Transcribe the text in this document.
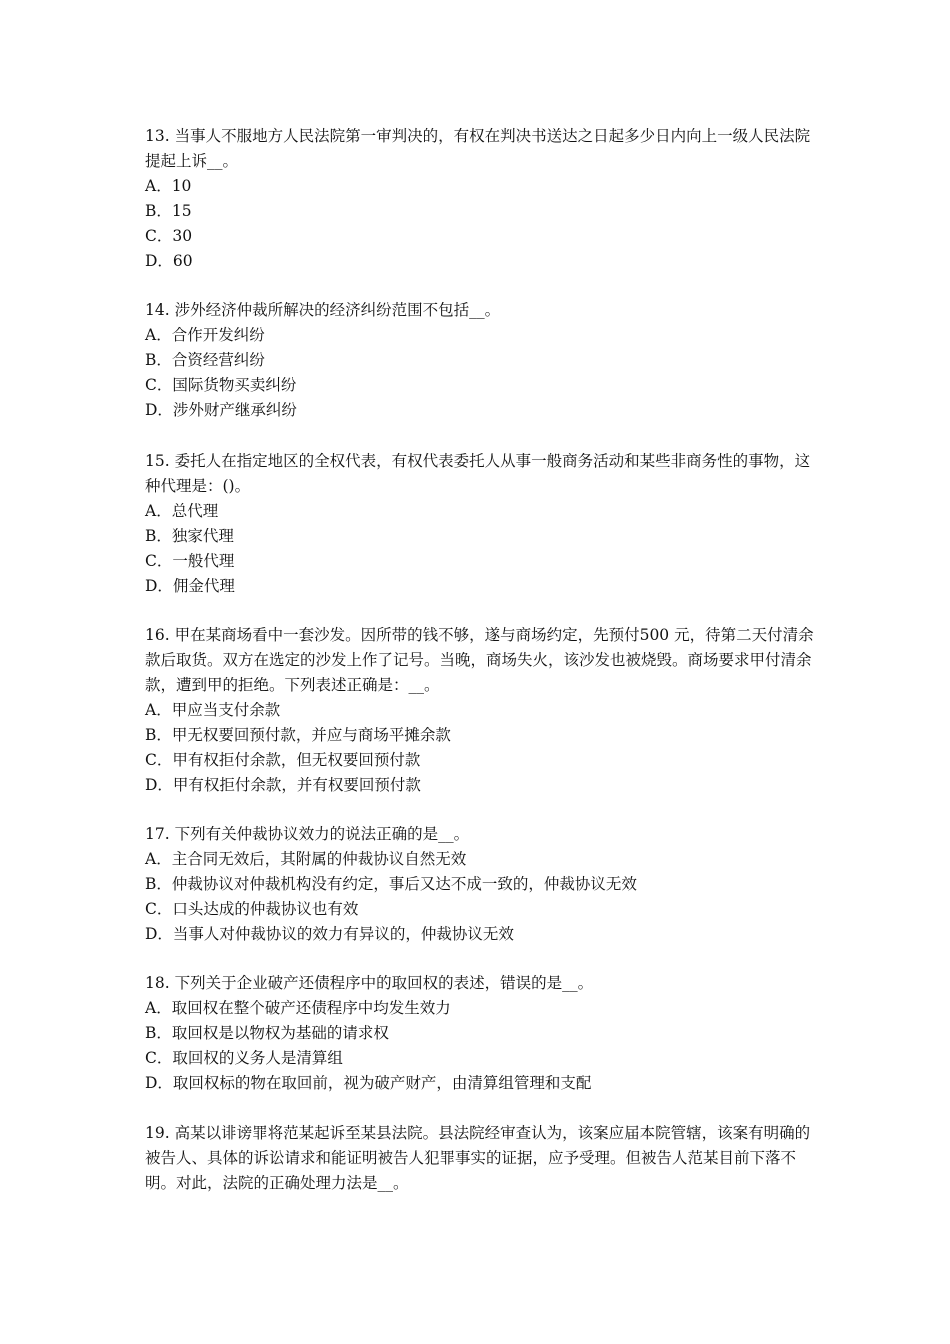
13. 当事人不服地方人民法院第一审判决的，有权在判决书送达之日起多少日内向上一级人民法院提起上诉__。

A．10
B．15
C．30
D．60

14. 涉外经济仲裁所解决的经济纠纷范围不包括__。

A．合作开发纠纷
B．合资经营纠纷
C．国际货物买卖纠纷
D．涉外财产继承纠纷

15. 委托人在指定地区的全权代表，有权代表委托人从事一般商务活动和某些非商务性的事物，这种代理是：()。

A．总代理
B．独家代理
C．一般代理
D．佣金代理

16. 甲在某商场看中一套沙发。因所带的钱不够，遂与商场约定，先预付500 元，待第二天付清余款后取货。双方在选定的沙发上作了记号。当晚，商场失火，该沙发也被烧毁。商场要求甲付清余款，遭到甲的拒绝。下列表述正确是：__。

A．甲应当支付余款
B．甲无权要回预付款，并应与商场平摊余款
C．甲有权拒付余款，但无权要回预付款
D．甲有权拒付余款，并有权要回预付款

17. 下列有关仲裁协议效力的说法正确的是__。

A．主合同无效后，其附属的仲裁协议自然无效
B．仲裁协议对仲裁机构没有约定，事后又达不成一致的，仲裁协议无效
C．口头达成的仲裁协议也有效
D．当事人对仲裁协议的效力有异议的，仲裁协议无效

18. 下列关于企业破产还债程序中的取回权的表述，错误的是__。

A．取回权在整个破产还债程序中均发生效力
B．取回权是以物权为基础的请求权
C．取回权的义务人是清算组
D．取回权标的物在取回前，视为破产财产，由清算组管理和支配

19. 高某以诽谤罪将范某起诉至某县法院。县法院经审查认为，该案应届本院管辖，该案有明确的被告人、具体的诉讼请求和能证明被告人犯罪事实的证据，应予受理。但被告人范某目前下落不明。对此，法院的正确处理力法是__。
